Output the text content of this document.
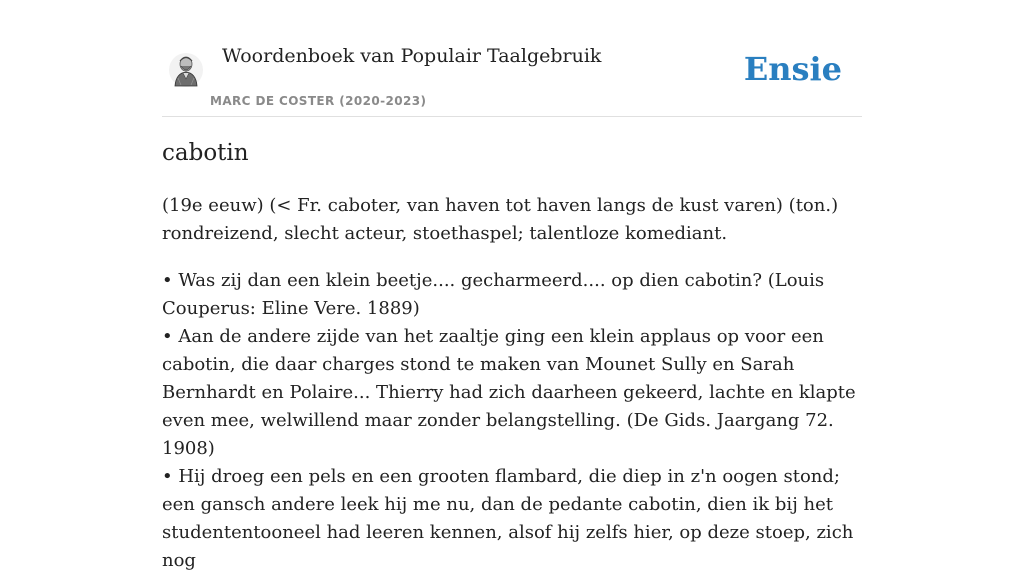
Woordenboek van Populair Taalgebruik
MARC DE COSTER (2020-2023)
Ensie
cabotin

(19e eeuw) (< Fr. caboter, van haven tot haven langs de kust varen) (ton.) rondreizend, slecht acteur, stoethaspel; talentloze komediant.

• Was zij dan een klein beetje.... gecharmeerd.... op dien cabotin? (Louis Couperus: Eline Vere. 1889)
• Aan de andere zijde van het zaaltje ging een klein applaus op voor een cabotin, die daar charges stond te maken van Mounet Sully en Sarah Bernhardt en Polaire... Thierry had zich daarheen gekeerd, lachte en klapte even mee, welwillend maar zonder belangstelling. (De Gids. Jaargang 72. 1908)
• Hij droeg een pels en een grooten flambard, die diep in z'n oogen stond; een gansch andere leek hij me nu, dan de pedante cabotin, dien ik bij het studententooneel had leeren kennen, alsof hij zelfs hier, op deze stoep, zich nog
